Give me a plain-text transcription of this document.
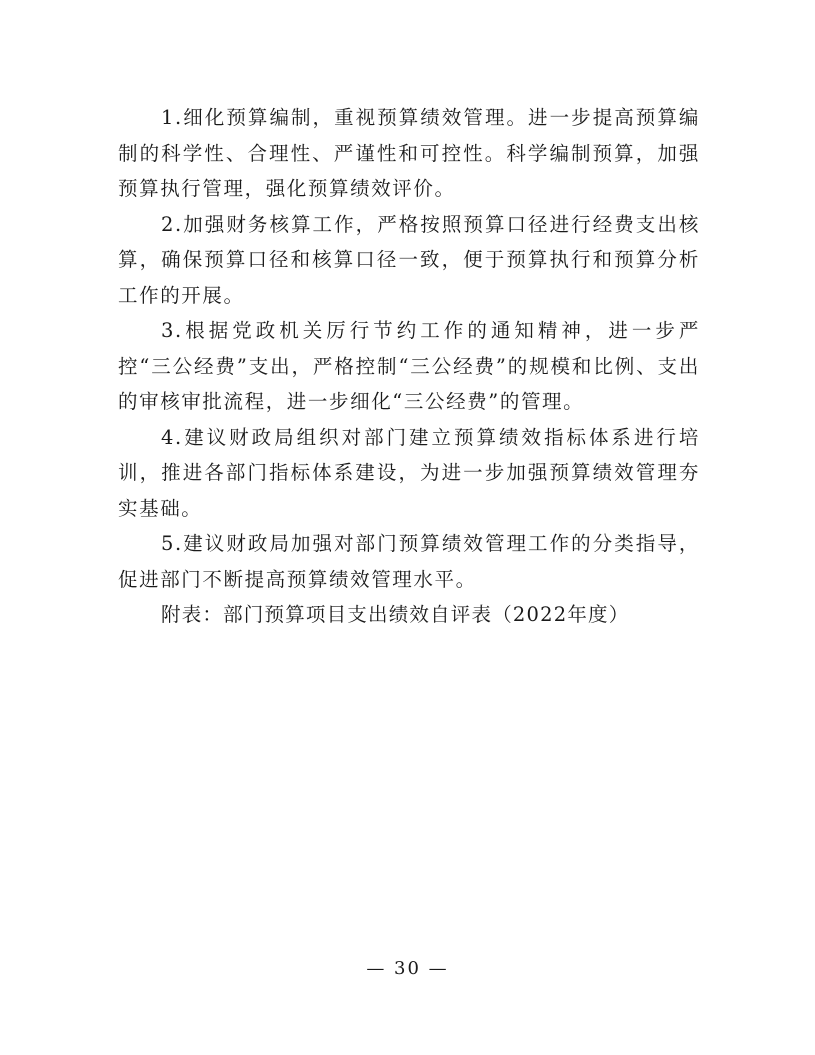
1.细化预算编制，重视预算绩效管理。进一步提高预算编制的科学性、合理性、严谨性和可控性。科学编制预算，加强预算执行管理，强化预算绩效评价。

2.加强财务核算工作，严格按照预算口径进行经费支出核算，确保预算口径和核算口径一致，便于预算执行和预算分析工作的开展。

3.根据党政机关厉行节约工作的通知精神，进一步严控“三公经费”支出，严格控制“三公经费”的规模和比例、支出的审核审批流程，进一步细化“三公经费”的管理。

4.建议财政局组织对部门建立预算绩效指标体系进行培训，推进各部门指标体系建设，为进一步加强预算绩效管理夯实基础。

5.建议财政局加强对部门预算绩效管理工作的分类指导，促进部门不断提高预算绩效管理水平。

附表：部门预算项目支出绩效自评表（2022年度）

— 30 —
